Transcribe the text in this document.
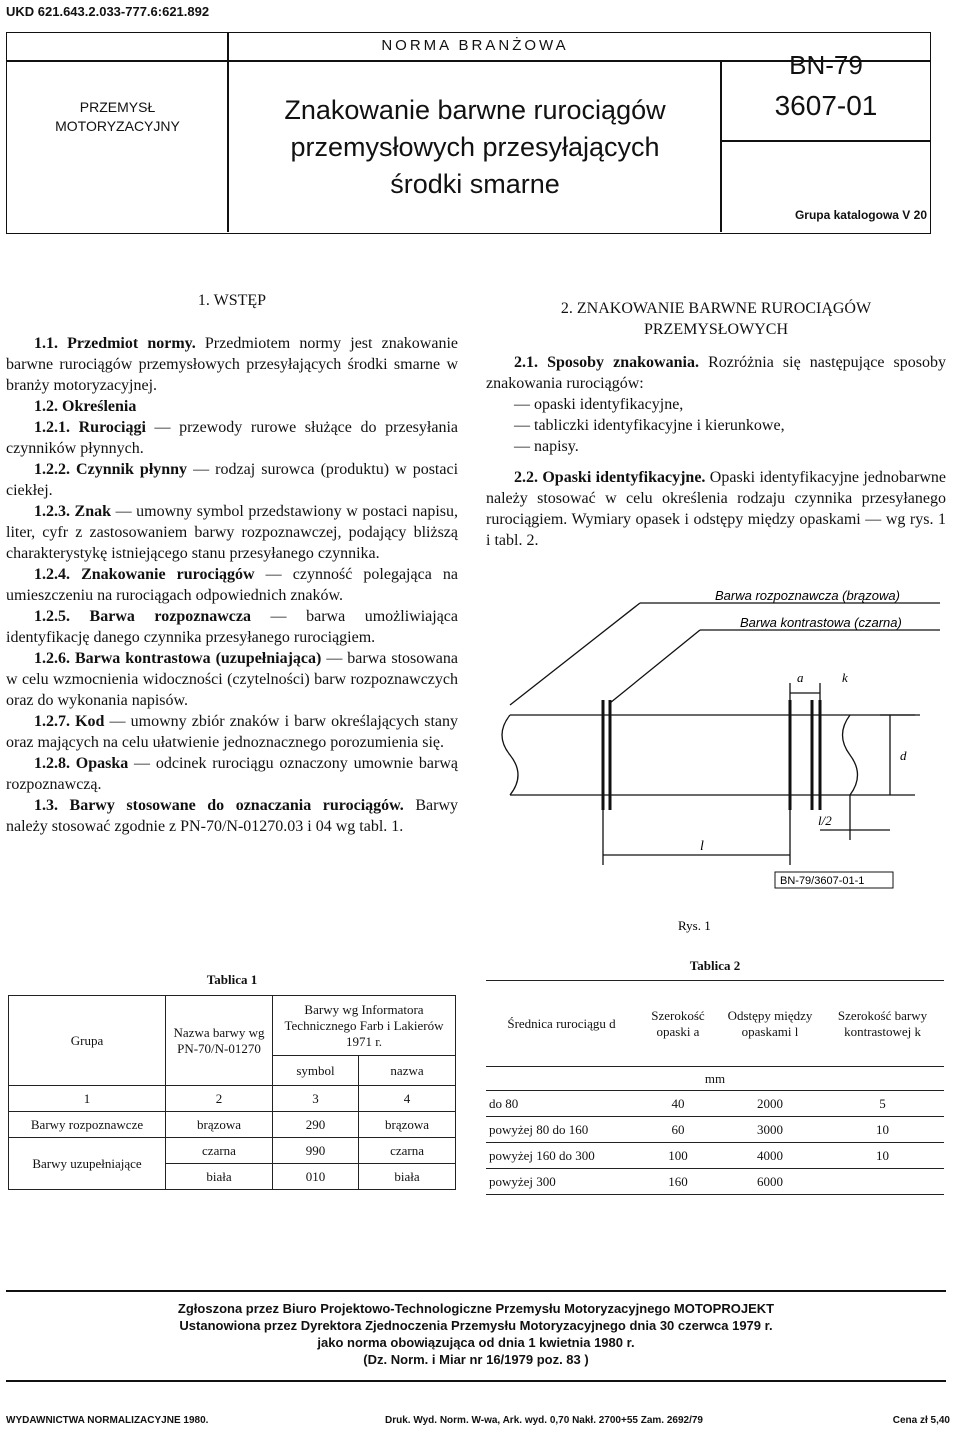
UKD 621.643.2.033-777.6:621.892
NORMA BRANŻOWA
PRZEMYSŁ
MOTORYZACYJNY
Znakowanie barwne rurociągów
przemysłowych przesyłających
środki smarne
BN-79
3607-01
Grupa katalogowa V 20

1. WSTĘP

1.1. Przedmiot normy. Przedmiotem normy jest znakowanie barwne rurociągów przemysłowych przesyłających środki smarne w branży motoryzacyjnej.

1.2. Określenia

1.2.1. Rurociągi — przewody rurowe służące do przesyłania czynników płynnych.

1.2.2. Czynnik płynny — rodzaj surowca (produktu) w postaci ciekłej.

1.2.3. Znak — umowny symbol przedstawiony w postaci napisu, liter, cyfr z zastosowaniem barwy rozpoznawczej, podający bliższą charakterystykę istniejącego stanu przesyłanego czynnika.

1.2.4. Znakowanie rurociągów — czynność polegająca na umieszczeniu na rurociągach odpowiednich znaków.

1.2.5. Barwa rozpoznawcza — barwa umożliwiająca identyfikację danego czynnika przesyłanego rurociągiem.

1.2.6. Barwa kontrastowa (uzupełniająca) — barwa stosowana w celu wzmocnienia widoczności (czytelności) barw rozpoznawczych oraz do wykonania napisów.

1.2.7. Kod — umowny zbiór znaków i barw określających stany oraz mających na celu ułatwienie jednoznacznego porozumienia się.

1.2.8. Opaska — odcinek rurociągu oznaczony umownie barwą rozpoznawczą.

1.3. Barwy stosowane do oznaczania rurociągów. Barwy należy stosować zgodnie z PN-70/N-01270.03 i 04 wg tabl. 1.

2. ZNAKOWANIE BARWNE RUROCIĄGÓW

PRZEMYSŁOWYCH

2.1. Sposoby znakowania. Rozróżnia się następujące sposoby znakowania rurociągów:

— opaski identyfikacyjne,

— tabliczki identyfikacyjne i kierunkowe,

— napisy.

2.2. Opaski identyfikacyjne. Opaski identyfikacyjne jednobarwne należy stosować w celu określenia rodzaju czynnika przesyłanego rurociągiem. Wymiary opasek i odstępy między opaskami — wg rys. 1 i tabl. 2.

Barwa rozpoznawcza (brązowa)
Barwa kontrastowa (czarna)
a	k
d
l
l/2
BN-79/3607-01-1
Rys. 1
Tablica 1
Grupa	Nazwa barwy wg PN-70/N-01270	Barwy wg Informatora Technicznego Farb i Lakierów 1971 r.	
		symbol	nazwa
1	2	3	4
Barwy rozpoznawcze	brązowa	290	brązowa
Barwy uzupełniające	czarna	990	czarna
	biała	010	biała
Tablica 2
Średnica rurociągu d	Szerokość opaski a	Odstępy między opaskami l	Szerokość barwy kontrastowej k
mm			
do 80	40	2000	5
powyżej 80 do 160	60	3000	10
powyżej 160 do 300	100	4000	10
powyżej 300	160	6000	
Zgłoszona przez Biuro Projektowo-Technologiczne Przemysłu Motoryzacyjnego MOTOPROJEKT
Ustanowiona przez Dyrektora Zjednoczenia Przemysłu Motoryzacyjnego dnia 30 czerwca 1979 r.
jako norma obowiązująca od dnia 1 kwietnia 1980 r.
(Dz. Norm. i Miar nr 16/1979 poz. 83 )
WYDAWNICTWA NORMALIZACYJNE 1980.	Druk. Wyd. Norm. W-wa, Ark. wyd. 0,70 Nakł. 2700+55 Zam. 2692/79	Cena zł 5,40
